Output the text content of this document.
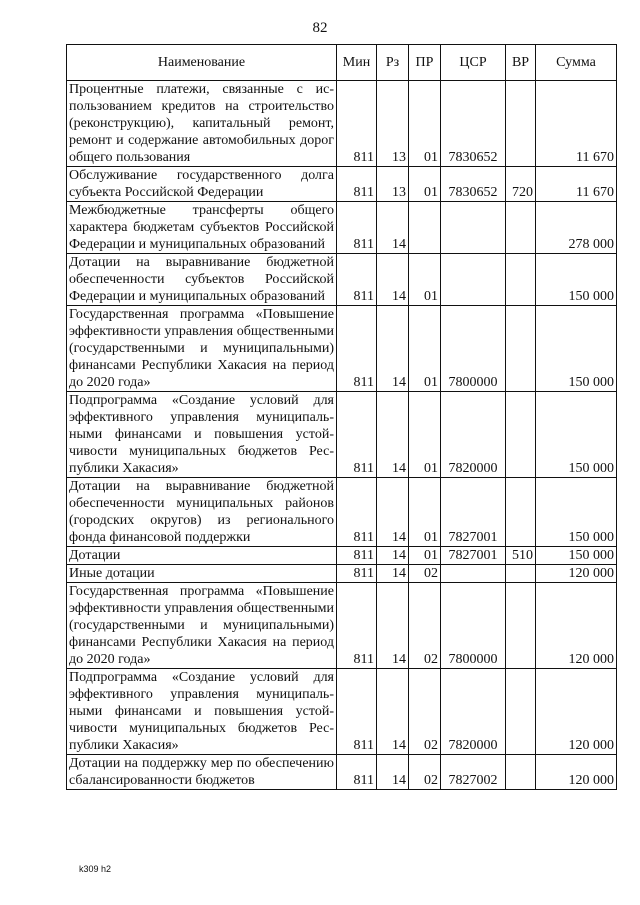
82
Наименование	Мин	Рз	ПР	ЦСР	ВР	Сумма
Процентные платежи, связанные с использованием кредитов на строительство (реконструкцию), капитальный ремонт, ремонт и содержание автомобильных дорог общего пользования	811	13	01	7830652		11 670
Обслуживание государственного долга субъекта Российской Федерации	811	13	01	7830652	720	11 670
Межбюджетные трансферты общего характера бюджетам субъектов Российской Федерации и муниципальных образований	811	14				278 000
Дотации на выравнивание бюджетной обеспеченности субъектов Российской Федерации и муниципальных образований	811	14	01			150 000
Государственная программа «Повышение эффективности управления общественными (государственными и муниципальными) финансами Республики Хакасия на период до 2020 года»	811	14	01	7800000		150 000
Подпрограмма «Создание условий для эффективного управления муниципальными финансами и повышения устойчивости муниципальных бюджетов Республики Хакасия»	811	14	01	7820000		150 000
Дотации на выравнивание бюджетной обеспеченности муниципальных районов (городских округов) из регионального фонда финансовой поддержки	811	14	01	7827001		150 000
Дотации	811	14	01	7827001	510	150 000
Иные дотации	811	14	02			120 000
Государственная программа «Повышение эффективности управления общественными (государственными и муниципальными) финансами Республики Хакасия на период до 2020 года»	811	14	02	7800000		120 000
Подпрограмма «Создание условий для эффективного управления муниципальными финансами и повышения устойчивости муниципальных бюджетов Республики Хакасия»	811	14	02	7820000		120 000
Дотации на поддержку мер по обеспечению сбалансированности бюджетов	811	14	02	7827002		120 000
k309 h2
